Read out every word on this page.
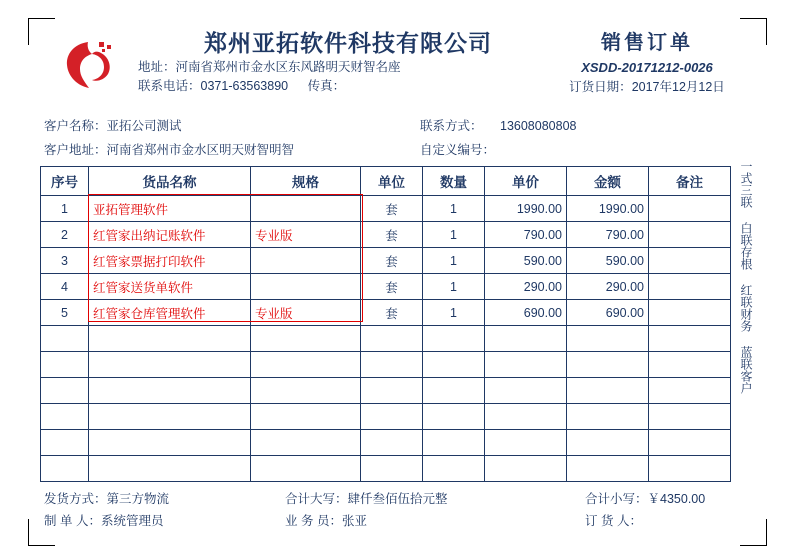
郑州亚拓软件科技有限公司
地址：河南省郑州市金水区东风路明天财智名座
联系电话：0371-63563890 传真：
销售订单
XSDD-20171212-0026
订货日期：2017年12月12日
客户名称：亚拓公司测试	联系方式： 13608080808
客户地址：河南省郑州市金水区明天财智明智	自定义编号：
序号	货品名称	规格	单位	数量	单价	金额	备注
1	亚拓管理软件		套	1	1990.00	1990.00	
2	红管家出纳记账软件	专业版	套	1	790.00	790.00	
3	红管家票据打印软件		套	1	590.00	590.00	
4	红管家送货单软件		套	1	290.00	290.00	
5	红管家仓库管理软件	专业版	套	1	690.00	690.00	

一式三联
白联存根
红联财务
蓝联客户
发货方式：第三方物流	合计大写：肆仟叁佰伍拾元整	合计小写：￥4350.00
制 单 人：系统管理员	业 务 员：张亚	订 货 人：
